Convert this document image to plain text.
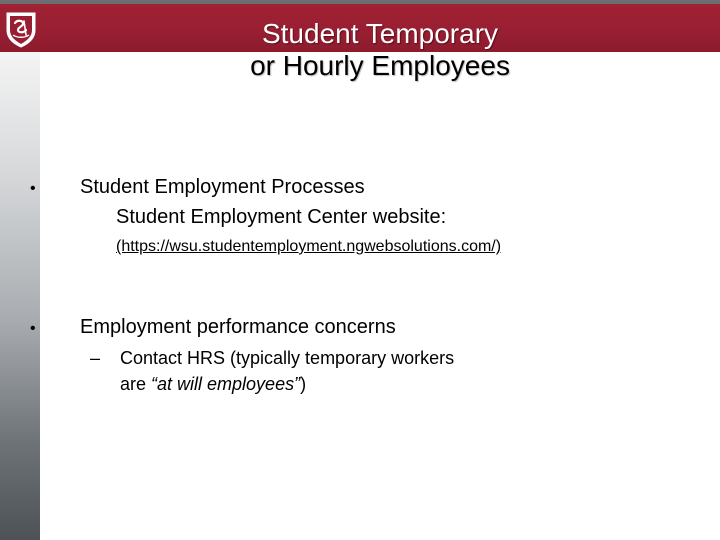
Student Temporary
or Hourly Employees
• Student Employment Processes
Student Employment Center website:
(https://wsu.studentemployment.ngwebsolutions.com/)
• Employment performance concerns
– Contact HRS (typically temporary workers
are “at will employees”)
